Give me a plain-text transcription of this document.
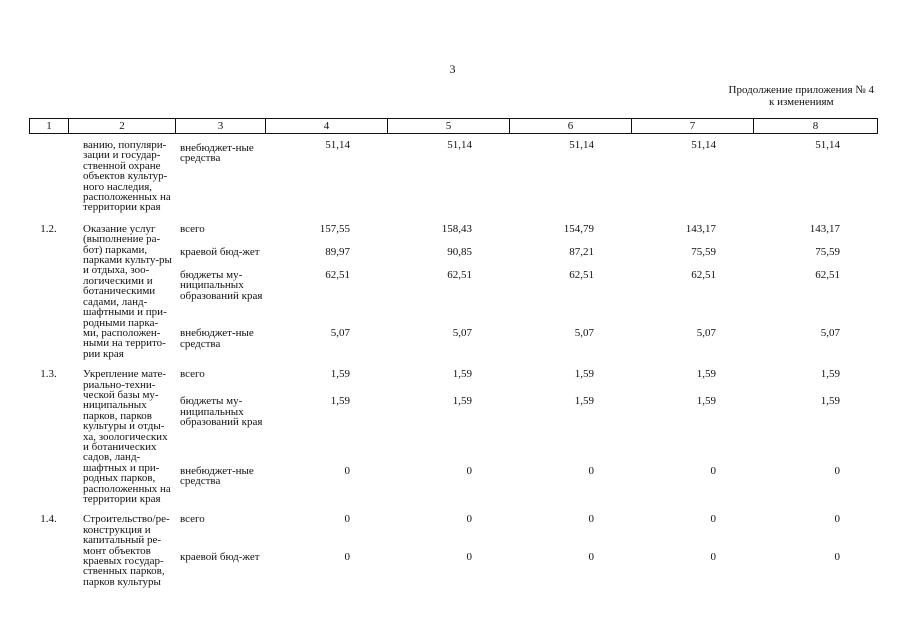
3
Продолжение приложения № 4
к изменениям
1	2	3	4	5	6	7	8
	ванию, популяри-зации и государ-ственной охране объектов культур-ного наследия, расположенных на территории края	внебюджет-ные средства	51,14	51,14	51,14	51,14	51,14
1.2.	Оказание услуг (выполнение ра-бот) парками, парками культу-ры и отдыха, зоо-логическими и ботаническими садами, ланд-шафтными и при-родными парка-ми, расположен-ными на террито-рии края	всего	157,55	158,43	154,79	143,17	143,17
		краевой бюд-жет	89,97	90,85	87,21	75,59	75,59
		бюджеты му-ниципальных образований края	62,51	62,51	62,51	62,51	62,51
		внебюджет-ные средства	5,07	5,07	5,07	5,07	5,07
1.3.	Укрепление мате-риально-техни-ческой базы му-ниципальных парков, парков культуры и отды-ха, зоологических и ботанических садов, ланд-шафтных и при-родных парков, расположенных на территории края	всего	1,59	1,59	1,59	1,59	1,59
		бюджеты му-ниципальных образований края	1,59	1,59	1,59	1,59	1,59
		внебюджет-ные средства	0	0	0	0	0
1.4.	Строительство/ре-конструкция и капитальный ре-монт объектов краевых государ-ственных парков, парков культуры	всего	0	0	0	0	0
		краевой бюд-жет	0	0	0	0	0
